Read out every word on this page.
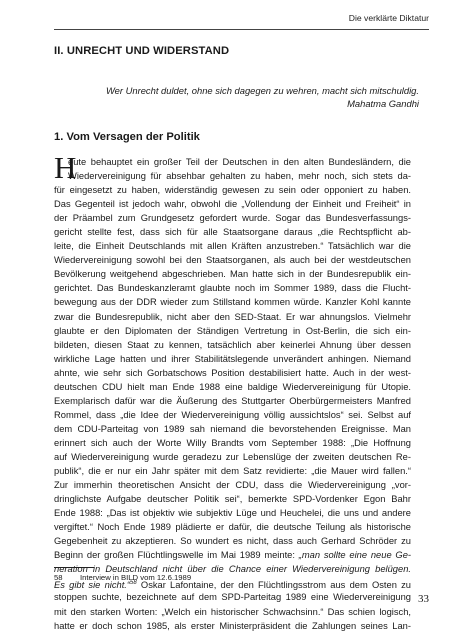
Die verklärte Diktatur
II. UNRECHT UND WIDERSTAND
Wer Unrecht duldet, ohne sich dagegen zu wehren, macht sich mitschuldig.
Mahatma Gandhi
1. Vom Versagen der Politik
H
eute behauptet ein großer Teil der Deutschen in den alten Bundesländern, die
Wiedervereinigung für absehbar gehalten zu haben, mehr noch, sich stets da-
für eingesetzt zu haben, widerständig gewesen zu sein oder opponiert zu haben.
Das Gegenteil ist jedoch wahr, obwohl die „Vollendung der Einheit und Freiheit“ in
der Präambel zum Grundgesetz gefordert wurde. Sogar das Bundesverfassungs-
gericht stellte fest, dass sich für alle Staatsorgane daraus „die Rechtspflicht ab-
leite, die Einheit Deutschlands mit allen Kräften anzustreben.“ Tatsächlich war die
Wiedervereinigung sowohl bei den Staatsorganen, als auch bei der westdeutschen
Bevölkerung weitgehend abgeschrieben. Man hatte sich in der Bundesrepublik ein-
gerichtet. Das Bundeskanzleramt glaubte noch im Sommer 1989, dass die Flucht-
bewegung aus der DDR wieder zum Stillstand kommen würde. Kanzler Kohl kannte
zwar die Bundesrepublik, nicht aber den SED-Staat. Er war ahnungslos. Vielmehr
glaubte er den Diplomaten der Ständigen Vertretung in Ost-Berlin, die sich ein-
bildeten, diesen Staat zu kennen, tatsächlich aber keinerlei Ahnung über dessen
wirkliche Lage hatten und ihrer Stabilitätslegende unverändert anhingen. Niemand
ahnte, wie sehr sich Gorbatschows Position destabilisiert hatte. Auch in der west-
deutschen CDU hielt man Ende 1988 eine baldige Wiedervereinigung für Utopie.
Exemplarisch dafür war die Äußerung des Stuttgarter Oberbürgermeisters Manfred
Rommel, dass „die Idee der Wiedervereinigung völlig aussichtslos“ sei. Selbst auf
dem CDU-Parteitag von 1989 sah niemand die bevorstehenden Ereignisse. Man
erinnert sich auch der Worte Willy Brandts vom September 1988: „Die Hoffnung
auf Wiedervereinigung wurde geradezu zur Lebenslüge der zweiten deutschen Re-
publik“, die er nur ein Jahr später mit dem Satz revidierte: „die Mauer wird fallen.“
Zur immerhin theoretischen Ansicht der CDU, dass die Wiedervereinigung „vor-
dringlichste Aufgabe deutscher Politik sei“, bemerkte SPD-Vordenker Egon Bahr
Ende 1988: „Das ist objektiv wie subjektiv Lüge und Heuchelei, die uns und andere
vergiftet.“ Noch Ende 1989 plädierte er dafür, die deutsche Teilung als historische
Gegebenheit zu akzeptieren. So wundert es nicht, dass auch Gerhard Schröder zu
Beginn der großen Flüchtlingswelle im Mai 1989 meinte: „man sollte eine neue Ge-
neration in Deutschland nicht über die Chance einer Wiedervereinigung belügen.
Es gibt sie nicht.“$^{58}$ Oskar Lafontaine, der den Flüchtlingsstrom aus dem Osten zu
stoppen suchte, bezeichnete auf dem SPD-Parteitag 1989 eine Wiedervereinigung
mit den starken Worten: „Welch ein historischer Schwachsinn.“ Das schien logisch,
hatte er doch schon 1985, als erster Ministerpräsident die Zahlungen seines Lan-
58 Interview in BILD vom 12.6.1989
33
